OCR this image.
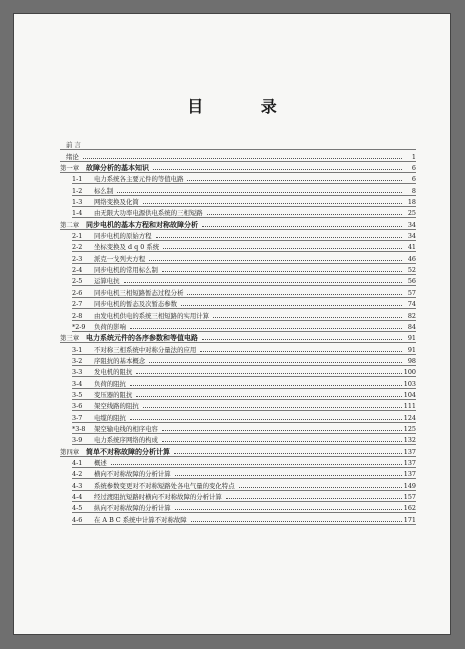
目 录
前 言
绪论	1
第一章 故障分析的基本知识	6
1-1	电力系统各主要元件的等值电路	6
1-2	标么制	8
1-3	网络变换及化简	18
1-4	由无限大功率电源供电系统的三相短路	25
第二章 同步电机的基本方程和对称故障分析	34
2-1	同步电机的原始方程	34
2-2	坐标变换及 d q 0 系统	41
2-3	派克一戈列夫方程	46
2-4	同步电机的常用标么制	52
2-5	运算电抗	56
2-6	同步电机三相短路暂态过程分析	57
2-7	同步电机的暂态及次暂态参数	74
2-8	由发电机供电的系统三相短路的实用计算	82
*2-9	负荷的影响	84
第三章 电力系统元件的各序参数和等值电路	91
3-1	不对称三相系统中对称分量法的应用	91
3-2	序阻抗的基本概念	98
3-3	发电机的阻抗	100
3-4	负荷的阻抗	103
3-5	变压器的阻抗	104
3-6	架空线路的阻抗	111
3-7	电缆的阻抗	124
*3-8	架空输电线的相序电容	125
3-9	电力系统序网络的构成	132
第四章 简单不对称故障的分析计算	137
4-1	概述	137
4-2	横向不对称故障的分析计算	137
4-3	系统参数变更对不对称短路处各电气量的变化特点	149
4-4	经过渡阻抗短路时横向不对称故障的分析计算	157
4-5	纵向不对称故障的分析计算	162
4-6	在 A B C 系统中计算不对称故障	171
